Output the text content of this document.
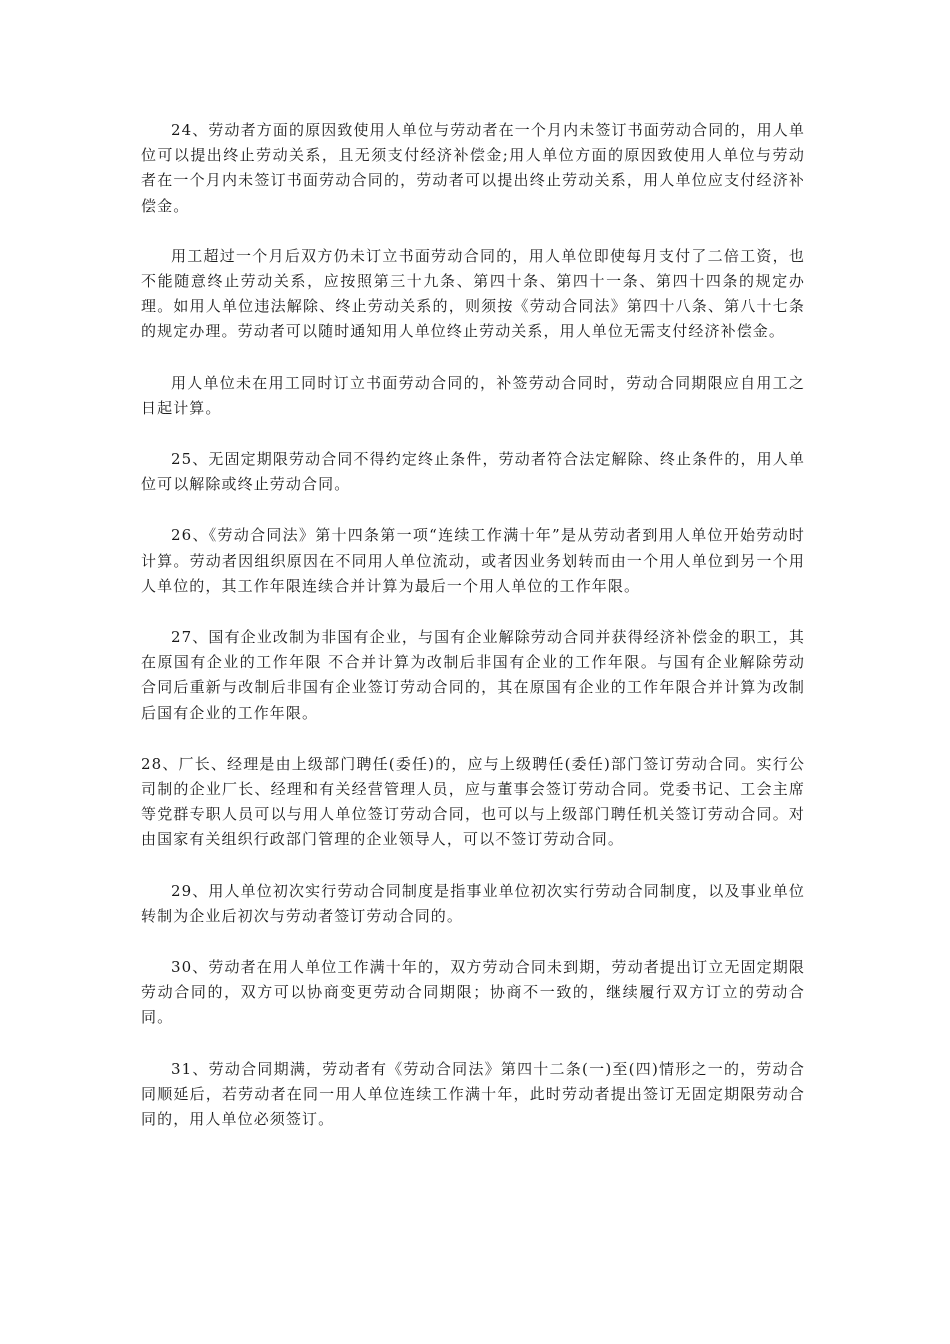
24、劳动者方面的原因致使用人单位与劳动者在一个月内未签订书面劳动合同的，用人单位可以提出终止劳动关系，且无须支付经济补偿金;用人单位方面的原因致使用人单位与劳动者在一个月内未签订书面劳动合同的，劳动者可以提出终止劳动关系，用人单位应支付经济补偿金。

用工超过一个月后双方仍未订立书面劳动合同的，用人单位即使每月支付了二倍工资，也不能随意终止劳动关系，应按照第三十九条、第四十条、第四十一条、第四十四条的规定办理。如用人单位违法解除、终止劳动关系的，则须按《劳动合同法》第四十八条、第八十七条的规定办理。劳动者可以随时通知用人单位终止劳动关系，用人单位无需支付经济补偿金。

用人单位未在用工同时订立书面劳动合同的，补签劳动合同时，劳动合同期限应自用工之日起计算。

25、无固定期限劳动合同不得约定终止条件，劳动者符合法定解除、终止条件的，用人单位可以解除或终止劳动合同。

26、《劳动合同法》第十四条第一项“连续工作满十年”是从劳动者到用人单位开始劳动时计算。劳动者因组织原因在不同用人单位流动，或者因业务划转而由一个用人单位到另一个用人单位的，其工作年限连续合并计算为最后一个用人单位的工作年限。

27、国有企业改制为非国有企业，与国有企业解除劳动合同并获得经济补偿金的职工，其在原国有企业的工作年限 不合并计算为改制后非国有企业的工作年限。与国有企业解除劳动合同后重新与改制后非国有企业签订劳动合同的，其在原国有企业的工作年限合并计算为改制后国有企业的工作年限。

28、厂长、经理是由上级部门聘任(委任)的，应与上级聘任(委任)部门签订劳动合同。实行公司制的企业厂长、经理和有关经营管理人员，应与董事会签订劳动合同。党委书记、工会主席等党群专职人员可以与用人单位签订劳动合同，也可以与上级部门聘任机关签订劳动合同。对由国家有关组织行政部门管理的企业领导人，可以不签订劳动合同。

29、用人单位初次实行劳动合同制度是指事业单位初次实行劳动合同制度，以及事业单位转制为企业后初次与劳动者签订劳动合同的。

30、劳动者在用人单位工作满十年的，双方劳动合同未到期，劳动者提出订立无固定期限劳动合同的，双方可以协商变更劳动合同期限；协商不一致的，继续履行双方订立的劳动合同。

31、劳动合同期满，劳动者有《劳动合同法》第四十二条(一)至(四)情形之一的，劳动合同顺延后，若劳动者在同一用人单位连续工作满十年，此时劳动者提出签订无固定期限劳动合同的，用人单位必须签订。
